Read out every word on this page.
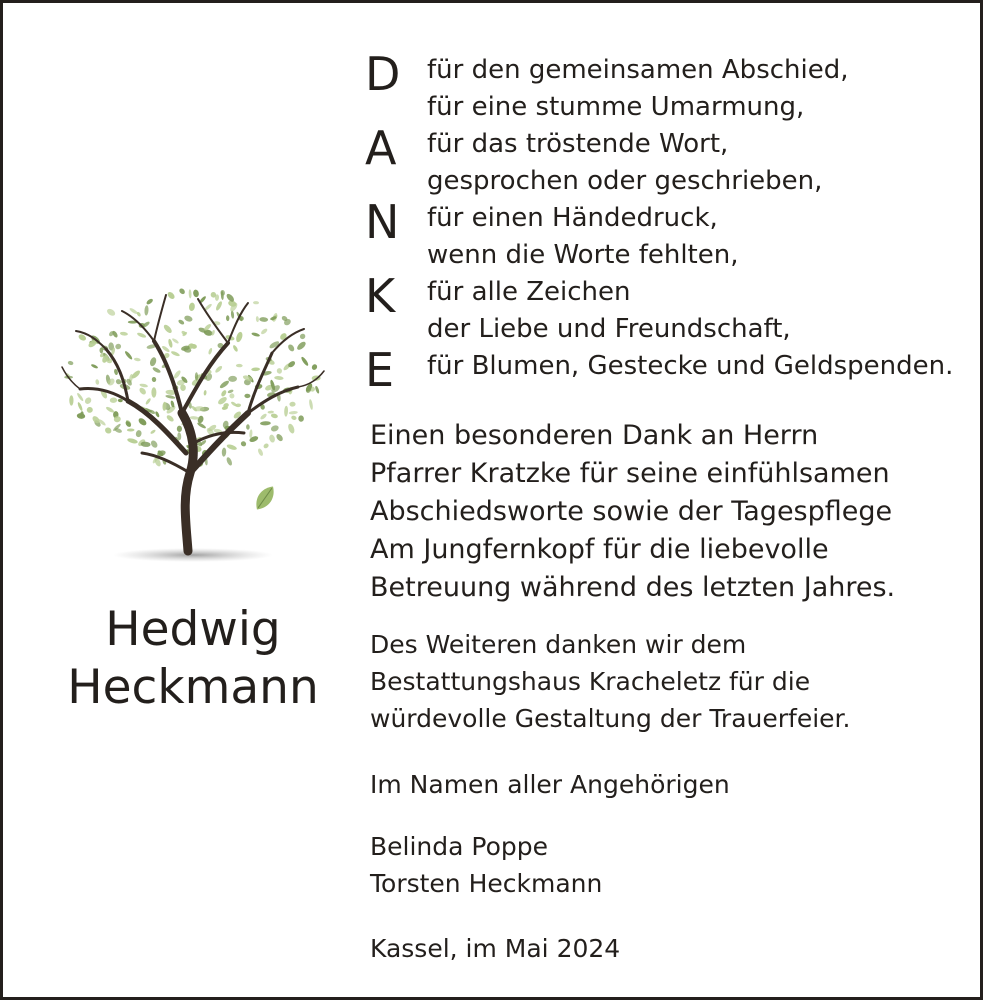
Hedwig
Heckmann
D
A
N
K
E
für den gemeinsamen Abschied,
für eine stumme Umarmung,
für das tröstende Wort,
gesprochen oder geschrieben,
für einen Händedruck,
wenn die Worte fehlten,
für alle Zeichen
der Liebe und Freundschaft,
für Blumen, Gestecke und Geldspenden.
Einen besonderen Dank an Herrn
Pfarrer Kratzke für seine einfühlsamen
Abschiedsworte sowie der Tagespflege
Am Jungfernkopf für die liebevolle
Betreuung während des letzten Jahres.
Des Weiteren danken wir dem
Bestattungshaus Kracheletz für die
würdevolle Gestaltung der Trauerfeier.
Im Namen aller Angehörigen
Belinda Poppe
Torsten Heckmann
Kassel, im Mai 2024
